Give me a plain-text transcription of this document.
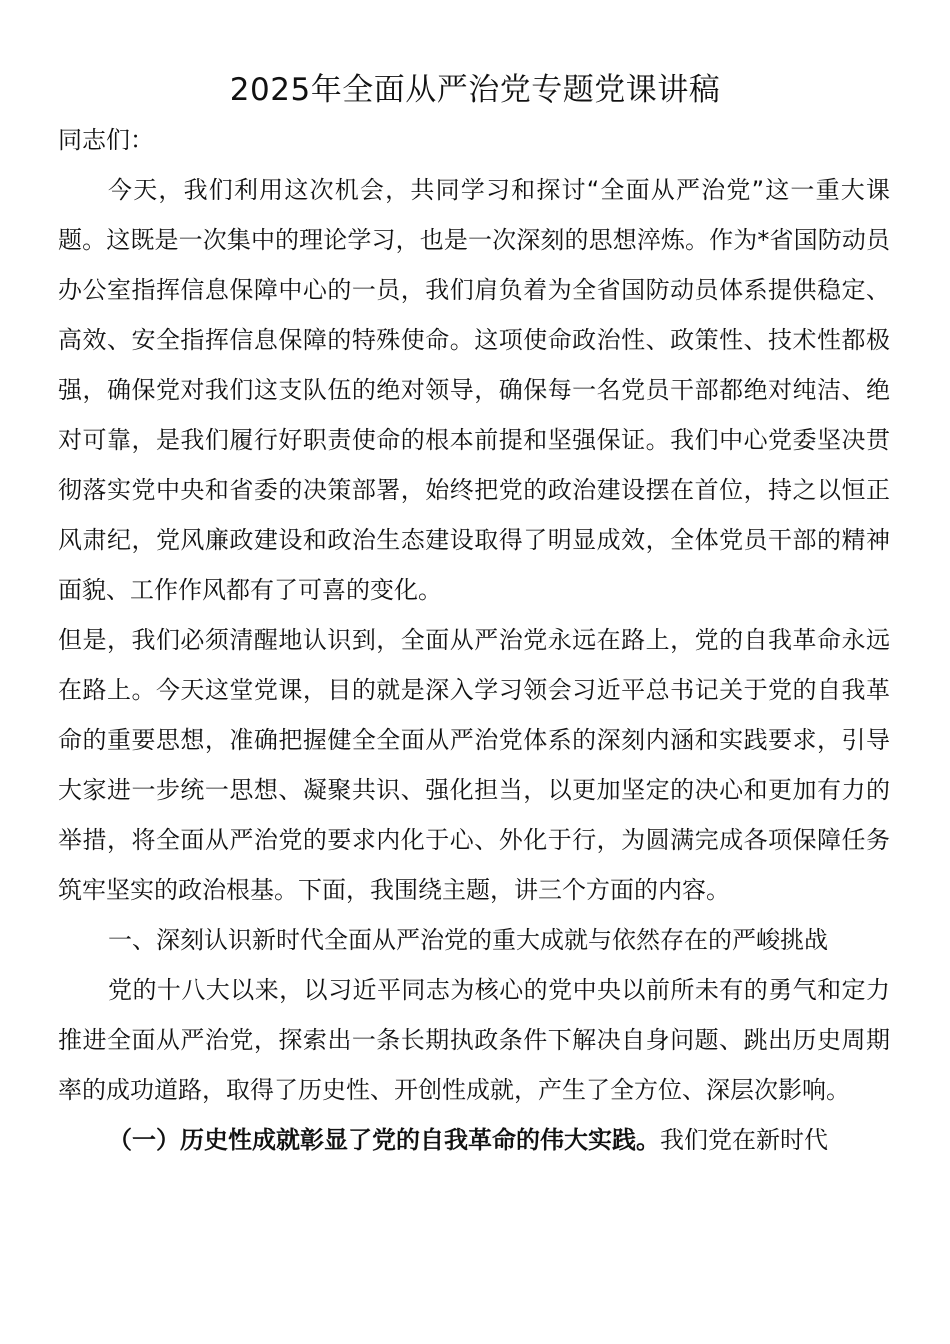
2025年全面从严治党专题党课讲稿

同志们：

今天，我们利用这次机会，共同学习和探讨“全面从严治党”这一重大课题。这既是一次集中的理论学习，也是一次深刻的思想淬炼。作为*省国防动员办公室指挥信息保障中心的一员，我们肩负着为全省国防动员体系提供稳定、高效、安全指挥信息保障的特殊使命。这项使命政治性、政策性、技术性都极强，确保党对我们这支队伍的绝对领导，确保每一名党员干部都绝对纯洁、绝对可靠，是我们履行好职责使命的根本前提和坚强保证。我们中心党委坚决贯彻落实党中央和省委的决策部署，始终把党的政治建设摆在首位，持之以恒正风肃纪，党风廉政建设和政治生态建设取得了明显成效，全体党员干部的精神面貌、工作作风都有了可喜的变化。

但是，我们必须清醒地认识到，全面从严治党永远在路上，党的自我革命永远在路上。今天这堂党课，目的就是深入学习领会习近平总书记关于党的自我革命的重要思想，准确把握健全全面从严治党体系的深刻内涵和实践要求，引导大家进一步统一思想、凝聚共识、强化担当，以更加坚定的决心和更加有力的举措，将全面从严治党的要求内化于心、外化于行，为圆满完成各项保障任务筑牢坚实的政治根基。下面，我围绕主题，讲三个方面的内容。

一、深刻认识新时代全面从严治党的重大成就与依然存在的严峻挑战

党的十八大以来，以习近平同志为核心的党中央以前所未有的勇气和定力推进全面从严治党，探索出一条长期执政条件下解决自身问题、跳出历史周期率的成功道路，取得了历史性、开创性成就，产生了全方位、深层次影响。

（一）历史性成就彰显了党的自我革命的伟大实践。我们党在新时代
